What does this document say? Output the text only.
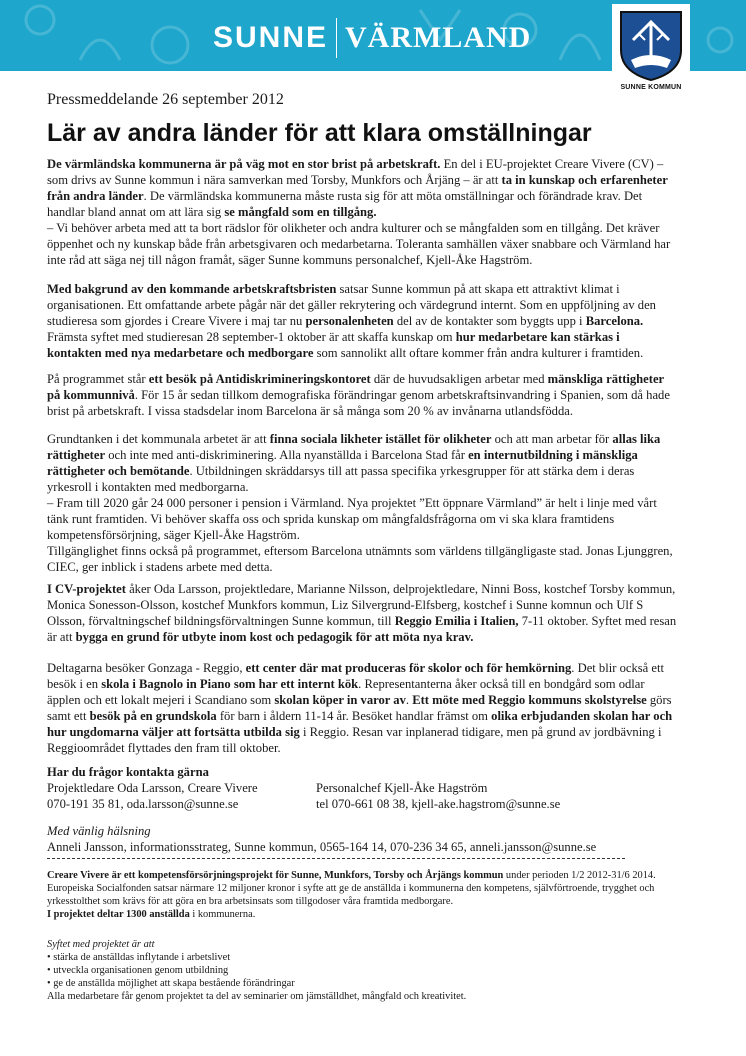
SUNNE VÄRMLAND
SUNNE KOMMUN
Pressmeddelande 26 september 2012
Lär av andra länder för att klara omställningar
De värmländska kommunerna är på väg mot en stor brist på arbetskraft. En del i EU-projektet Creare Vivere (CV) – som drivs av Sunne kommun i nära samverkan med Torsby, Munkfors och Årjäng – är att ta in kunskap och erfarenheter från andra länder. De värmländska kommunerna måste rusta sig för att möta omställningar och förändrade krav. Det handlar bland annat om att lära sig se mångfald som en tillgång.
– Vi behöver arbeta med att ta bort rädslor för olikheter och andra kulturer och se mångfalden som en tillgång. Det kräver öppenhet och ny kunskap både från arbetsgivaren och medarbetarna. Toleranta samhällen växer snabbare och Värmland har inte råd att säga nej till någon framåt, säger Sunne kommuns personalchef, Kjell-Åke Hagström.
Med bakgrund av den kommande arbetskraftsbristen satsar Sunne kommun på att skapa ett attraktivt klimat i organisationen. Ett omfattande arbete pågår när det gäller rekrytering och värdegrund internt. Som en uppföljning av den studieresa som gjordes i Creare Vivere i maj tar nu personalenheten del av de kontakter som byggts upp i Barcelona. Främsta syftet med studieresan 28 september-1 oktober är att skaffa kunskap om hur medarbetare kan stärkas i kontakten med nya medarbetare och medborgare som sannolikt allt oftare kommer från andra kulturer i framtiden.
På programmet står ett besök på Antidiskrimineringskontoret där de huvudsakligen arbetar med mänskliga rättigheter på kommunnivå. För 15 år sedan tillkom demografiska förändringar genom arbetskraftsinvandring i Spanien, som då hade brist på arbetskraft. I vissa stadsdelar inom Barcelona är så många som 20 % av invånarna utlandsfödda.
Grundtanken i det kommunala arbetet är att finna sociala likheter istället för olikheter och att man arbetar för allas lika rättigheter och inte med anti-diskriminering. Alla nyanställda i Barcelona Stad får en internutbildning i mänskliga rättigheter och bemötande. Utbildningen skräddarsys till att passa specifika yrkesgrupper för att stärka dem i deras yrkesroll i kontakten med medborgarna.
– Fram till 2020 går 24 000 personer i pension i Värmland. Nya projektet ”Ett öppnare Värmland” är helt i linje med vårt tänk runt framtiden. Vi behöver skaffa oss och sprida kunskap om mångfaldsfrågorna om vi ska klara framtidens kompetensförsörjning, säger Kjell-Åke Hagström.
Tillgänglighet finns också på programmet, eftersom Barcelona utnämnts som världens tillgängligaste stad. Jonas Ljunggren, CIEC, ger inblick i stadens arbete med detta.
I CV-projektet åker Oda Larsson, projektledare, Marianne Nilsson, delprojektledare, Ninni Boss, kostchef Torsby kommun, Monica Sonesson-Olsson, kostchef Munkfors kommun, Liz Silvergrund-Elfsberg, kostchef i Sunne komnun och Ulf S Olsson, förvaltningschef bildningsförvaltningen Sunne kommun, till Reggio Emilia i Italien, 7-11 oktober. Syftet med resan är att bygga en grund för utbyte inom kost och pedagogik för att möta nya krav.
Deltagarna besöker Gonzaga - Reggio, ett center där mat produceras för skolor och för hemkörning. Det blir också ett besök i en skola i Bagnolo in Piano som har ett internt kök. Representanterna åker också till en bondgård som odlar äpplen och ett lokalt mejeri i Scandiano som skolan köper in varor av. Ett möte med Reggio kommuns skolstyrelse görs samt ett besök på en grundskola för barn i åldern 11-14 år. Besöket handlar främst om olika erbjudanden skolan har och hur ungdomarna väljer att fortsätta utbilda sig i Reggio. Resan var inplanerad tidigare, men på grund av jordbävning i Reggioområdet flyttades den fram till oktober.
Har du frågor kontakta gärna
Projektledare Oda Larsson, Creare Vivere
070-191 35 81, oda.larsson@sunne.se
Personalchef Kjell-Åke Hagström
tel 070-661 08 38, kjell-ake.hagstrom@sunne.se
Med vänlig hälsning
Anneli Jansson, informationsstrateg, Sunne kommun, 0565-164 14, 070-236 34 65, anneli.jansson@sunne.se
Creare Vivere är ett kompetensförsörjningsprojekt för Sunne, Munkfors, Torsby och Årjängs kommun under perioden 1/2 2012-31/6 2014. Europeiska Socialfonden satsar närmare 12 miljoner kronor i syfte att ge de anställda i kommunerna den kompetens, självförtroende, trygghet och yrkesstolthet som krävs för att göra en bra arbetsinsats som tillgodoser våra framtida medborgare.
I projektet deltar 1300 anställda i kommunerna.
Syftet med projektet är att

• stärka de anställdas inflytande i arbetslivet

• utveckla organisationen genom utbildning

• ge de anställda möjlighet att skapa bestående förändringar

Alla medarbetare får genom projektet ta del av seminarier om jämställdhet, mångfald och kreativitet.
